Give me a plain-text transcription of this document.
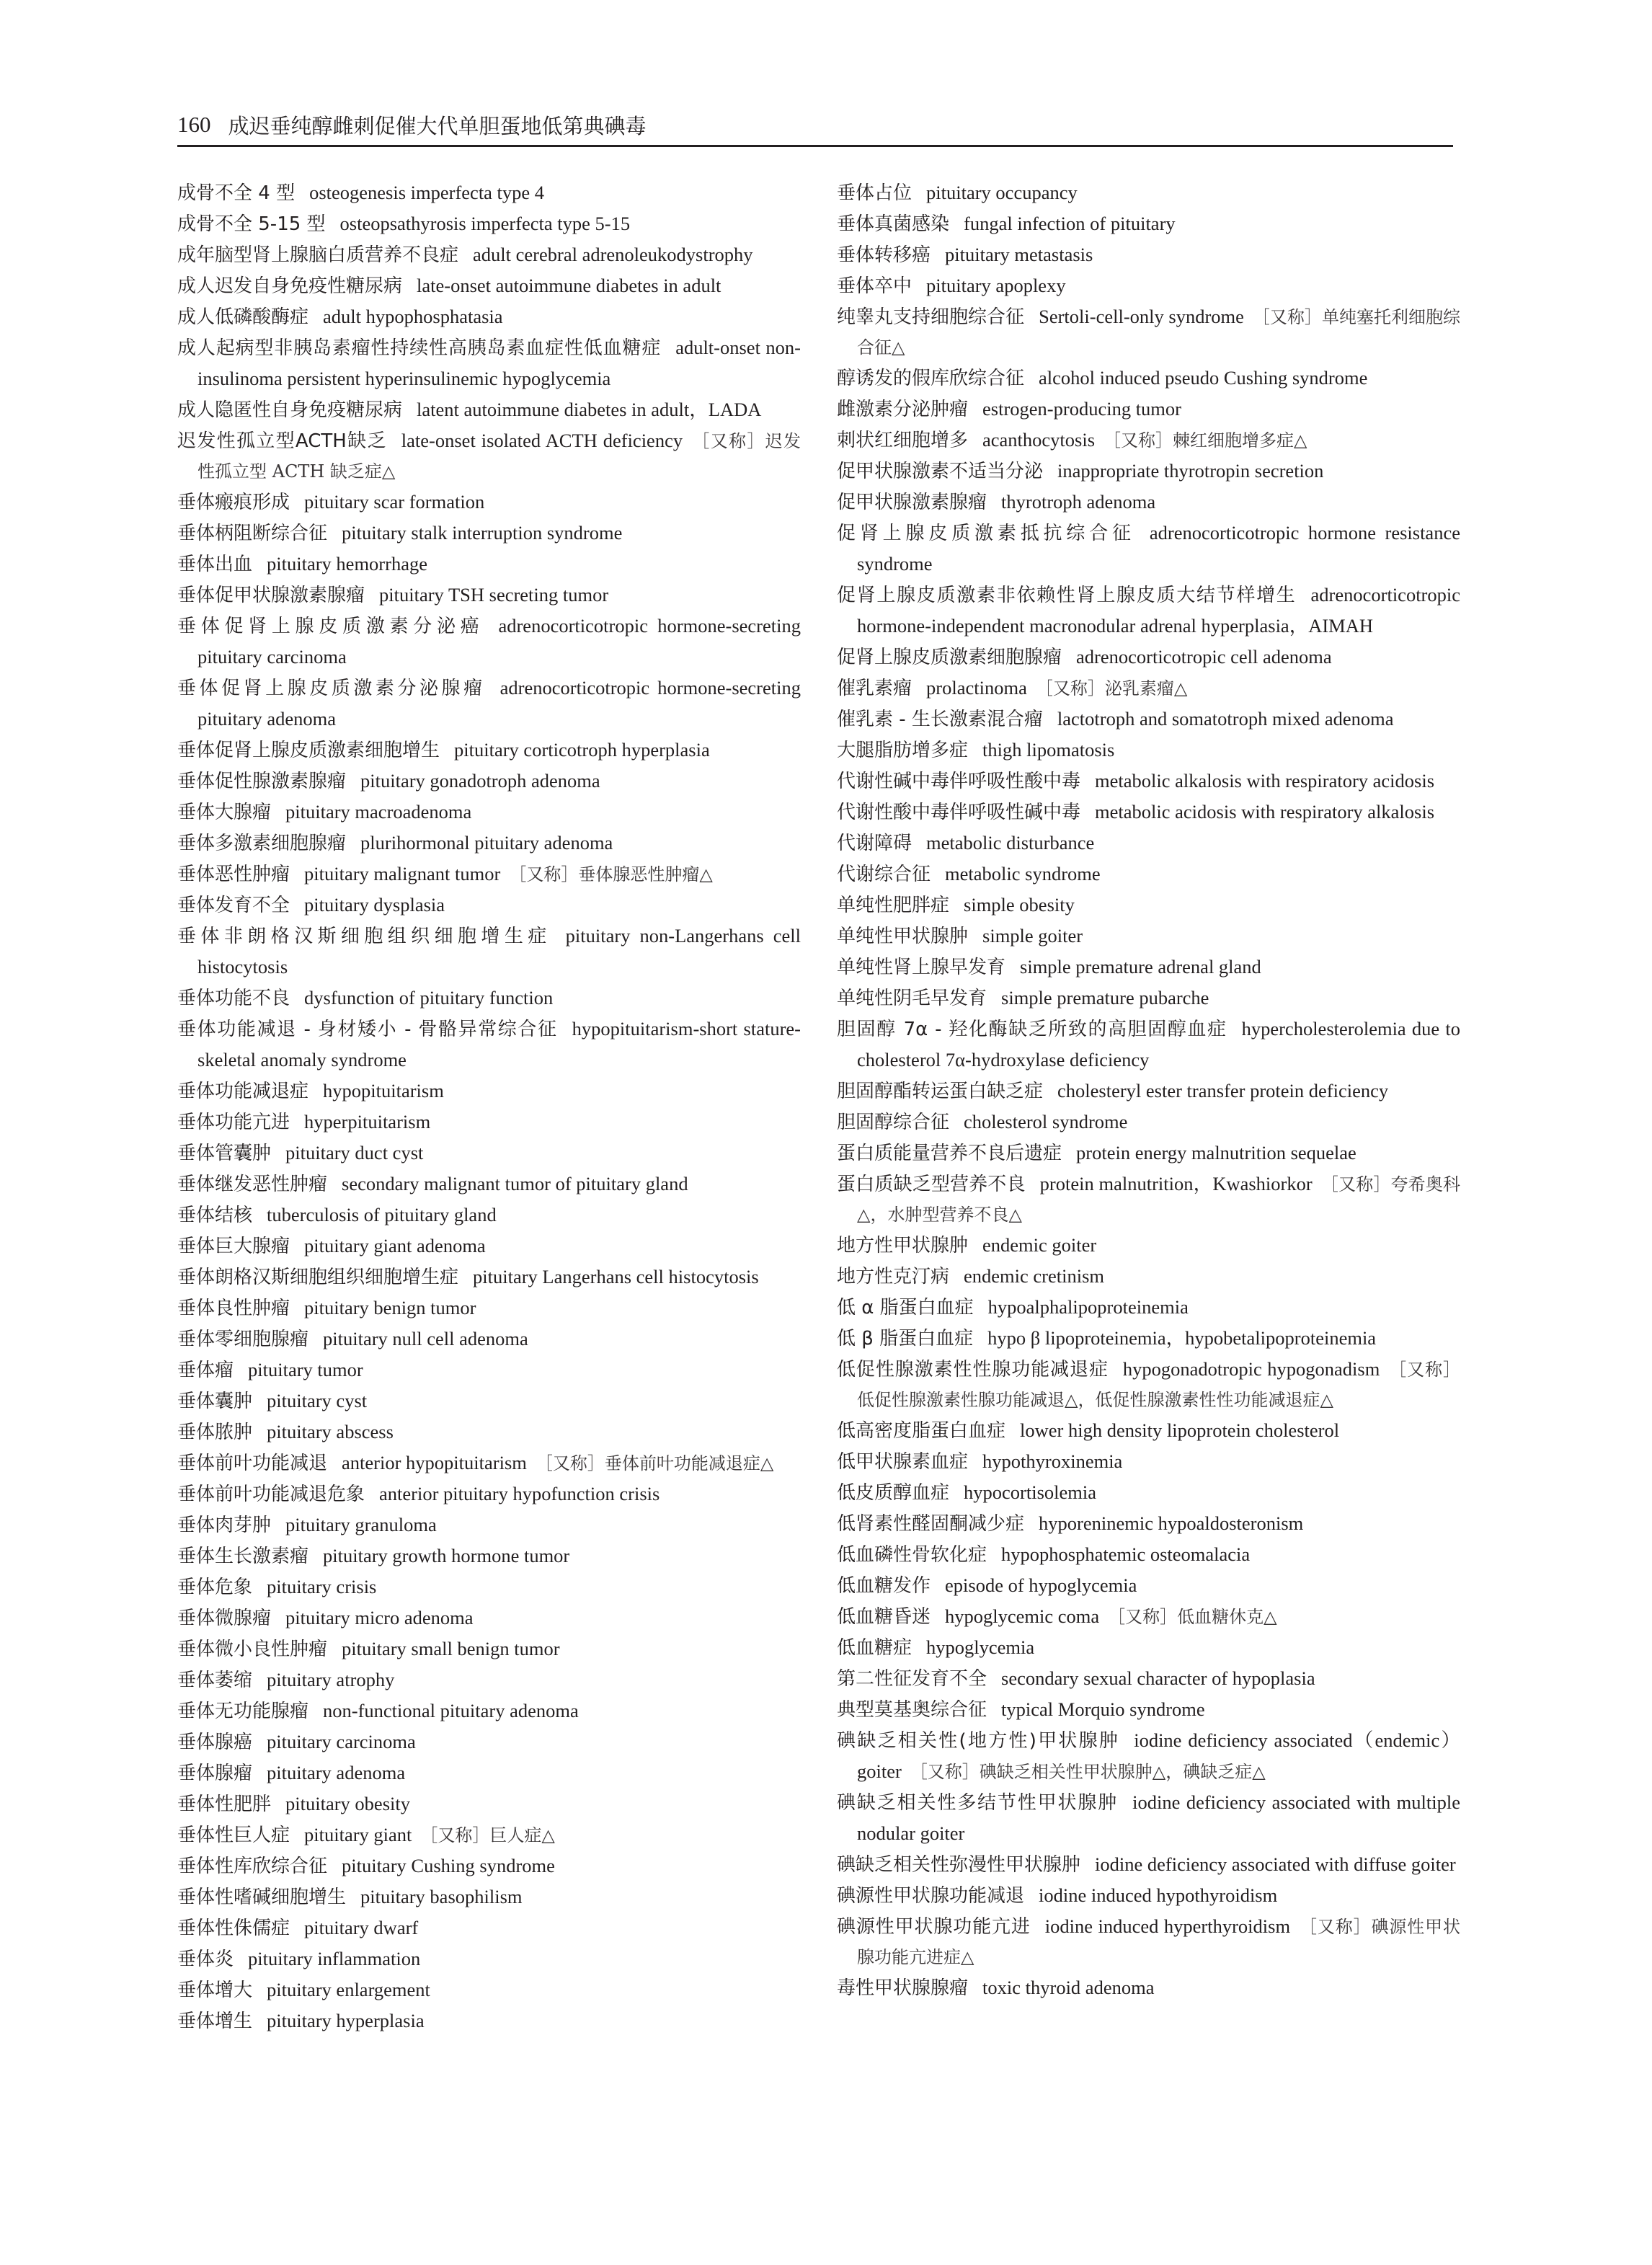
160 成迟垂纯醇雌刺促催大代单胆蛋地低第典碘毒
成骨不全 4 型 osteogenesis imperfecta type 4
成骨不全 5-15 型 osteopsathyrosis imperfecta type 5-15
成年脑型肾上腺脑白质营养不良症 adult cerebral adrenoleukodystrophy
成人迟发自身免疫性糖尿病 late-onset autoimmune diabetes in adult
成人低磷酸酶症 adult hypophosphatasia
成人起病型非胰岛素瘤性持续性高胰岛素血症性低血糖症 adult-onset non-insulinoma persistent hyperinsulinemic hypoglycemia
成人隐匿性自身免疫糖尿病 latent autoimmune diabetes in adult，LADA
迟发性孤立型ACTH缺乏 late-onset isolated ACTH deficiency ［又称］迟发性孤立型 ACTH 缺乏症△
垂体瘢痕形成 pituitary scar formation
垂体柄阻断综合征 pituitary stalk interruption syndrome
垂体出血 pituitary hemorrhage
垂体促甲状腺激素腺瘤 pituitary TSH secreting tumor
垂体促肾上腺皮质激素分泌癌 adrenocorticotropic hormone-secreting pituitary carcinoma
垂体促肾上腺皮质激素分泌腺瘤 adrenocorticotropic hormone-secreting pituitary adenoma
垂体促肾上腺皮质激素细胞增生 pituitary corticotroph hyperplasia
垂体促性腺激素腺瘤 pituitary gonadotroph adenoma
垂体大腺瘤 pituitary macroadenoma
垂体多激素细胞腺瘤 plurihormonal pituitary adenoma
垂体恶性肿瘤 pituitary malignant tumor ［又称］垂体腺恶性肿瘤△
垂体发育不全 pituitary dysplasia
垂体非朗格汉斯细胞组织细胞增生症 pituitary non-Langerhans cell histocytosis
垂体功能不良 dysfunction of pituitary function
垂体功能减退 - 身材矮小 - 骨骼异常综合征 hypopituitarism-short stature-skeletal anomaly syndrome
垂体功能减退症 hypopituitarism
垂体功能亢进 hyperpituitarism
垂体管囊肿 pituitary duct cyst
垂体继发恶性肿瘤 secondary malignant tumor of pituitary gland
垂体结核 tuberculosis of pituitary gland
垂体巨大腺瘤 pituitary giant adenoma
垂体朗格汉斯细胞组织细胞增生症 pituitary Langerhans cell histocytosis
垂体良性肿瘤 pituitary benign tumor
垂体零细胞腺瘤 pituitary null cell adenoma
垂体瘤 pituitary tumor
垂体囊肿 pituitary cyst
垂体脓肿 pituitary abscess
垂体前叶功能减退 anterior hypopituitarism ［又称］垂体前叶功能减退症△
垂体前叶功能减退危象 anterior pituitary hypofunction crisis
垂体肉芽肿 pituitary granuloma
垂体生长激素瘤 pituitary growth hormone tumor
垂体危象 pituitary crisis
垂体微腺瘤 pituitary micro adenoma
垂体微小良性肿瘤 pituitary small benign tumor
垂体萎缩 pituitary atrophy
垂体无功能腺瘤 non-functional pituitary adenoma
垂体腺癌 pituitary carcinoma
垂体腺瘤 pituitary adenoma
垂体性肥胖 pituitary obesity
垂体性巨人症 pituitary giant ［又称］巨人症△
垂体性库欣综合征 pituitary Cushing syndrome
垂体性嗜碱细胞增生 pituitary basophilism
垂体性侏儒症 pituitary dwarf
垂体炎 pituitary inflammation
垂体增大 pituitary enlargement
垂体增生 pituitary hyperplasia
垂体占位 pituitary occupancy
垂体真菌感染 fungal infection of pituitary
垂体转移癌 pituitary metastasis
垂体卒中 pituitary apoplexy
纯睾丸支持细胞综合征 Sertoli-cell-only syndrome ［又称］单纯塞托利细胞综合征△
醇诱发的假库欣综合征 alcohol induced pseudo Cushing syndrome
雌激素分泌肿瘤 estrogen-producing tumor
刺状红细胞增多 acanthocytosis ［又称］棘红细胞增多症△
促甲状腺激素不适当分泌 inappropriate thyrotropin secretion
促甲状腺激素腺瘤 thyrotroph adenoma
促肾上腺皮质激素抵抗综合征 adrenocorticotropic hormone resistance syndrome
促肾上腺皮质激素非依赖性肾上腺皮质大结节样增生 adrenocorticotropic hormone-independent macronodular adrenal hyperplasia，AIMAH
促肾上腺皮质激素细胞腺瘤 adrenocorticotropic cell adenoma
催乳素瘤 prolactinoma ［又称］泌乳素瘤△
催乳素 - 生长激素混合瘤 lactotroph and somatotroph mixed adenoma
大腿脂肪增多症 thigh lipomatosis
代谢性碱中毒伴呼吸性酸中毒 metabolic alkalosis with respiratory acidosis
代谢性酸中毒伴呼吸性碱中毒 metabolic acidosis with respiratory alkalosis
代谢障碍 metabolic disturbance
代谢综合征 metabolic syndrome
单纯性肥胖症 simple obesity
单纯性甲状腺肿 simple goiter
单纯性肾上腺早发育 simple premature adrenal gland
单纯性阴毛早发育 simple premature pubarche
胆固醇 7α - 羟化酶缺乏所致的高胆固醇血症 hypercholesterolemia due to cholesterol 7α-hydroxylase deficiency
胆固醇酯转运蛋白缺乏症 cholesteryl ester transfer protein deficiency
胆固醇综合征 cholesterol syndrome
蛋白质能量营养不良后遗症 protein energy malnutrition sequelae
蛋白质缺乏型营养不良 protein malnutrition，Kwashiorkor ［又称］夸希奥科△，水肿型营养不良△
地方性甲状腺肿 endemic goiter
地方性克汀病 endemic cretinism
低 α 脂蛋白血症 hypoalphalipoproteinemia
低 β 脂蛋白血症 hypo β lipoproteinemia，hypobetalipoproteinemia
低促性腺激素性性腺功能减退症 hypogonadotropic hypogonadism ［又称］低促性腺激素性腺功能减退△，低促性腺激素性性功能减退症△
低高密度脂蛋白血症 lower high density lipoprotein cholesterol
低甲状腺素血症 hypothyroxinemia
低皮质醇血症 hypocortisolemia
低肾素性醛固酮减少症 hyporeninemic hypoaldosteronism
低血磷性骨软化症 hypophosphatemic osteomalacia
低血糖发作 episode of hypoglycemia
低血糖昏迷 hypoglycemic coma ［又称］低血糖休克△
低血糖症 hypoglycemia
第二性征发育不全 secondary sexual character of hypoplasia
典型莫基奥综合征 typical Morquio syndrome
碘缺乏相关性(地方性)甲状腺肿 iodine deficiency associated（endemic）goiter ［又称］碘缺乏相关性甲状腺肿△，碘缺乏症△
碘缺乏相关性多结节性甲状腺肿 iodine deficiency associated with multiple nodular goiter
碘缺乏相关性弥漫性甲状腺肿 iodine deficiency associated with diffuse goiter
碘源性甲状腺功能减退 iodine induced hypothyroidism
碘源性甲状腺功能亢进 iodine induced hyperthyroidism ［又称］碘源性甲状腺功能亢进症△
毒性甲状腺腺瘤 toxic thyroid adenoma
